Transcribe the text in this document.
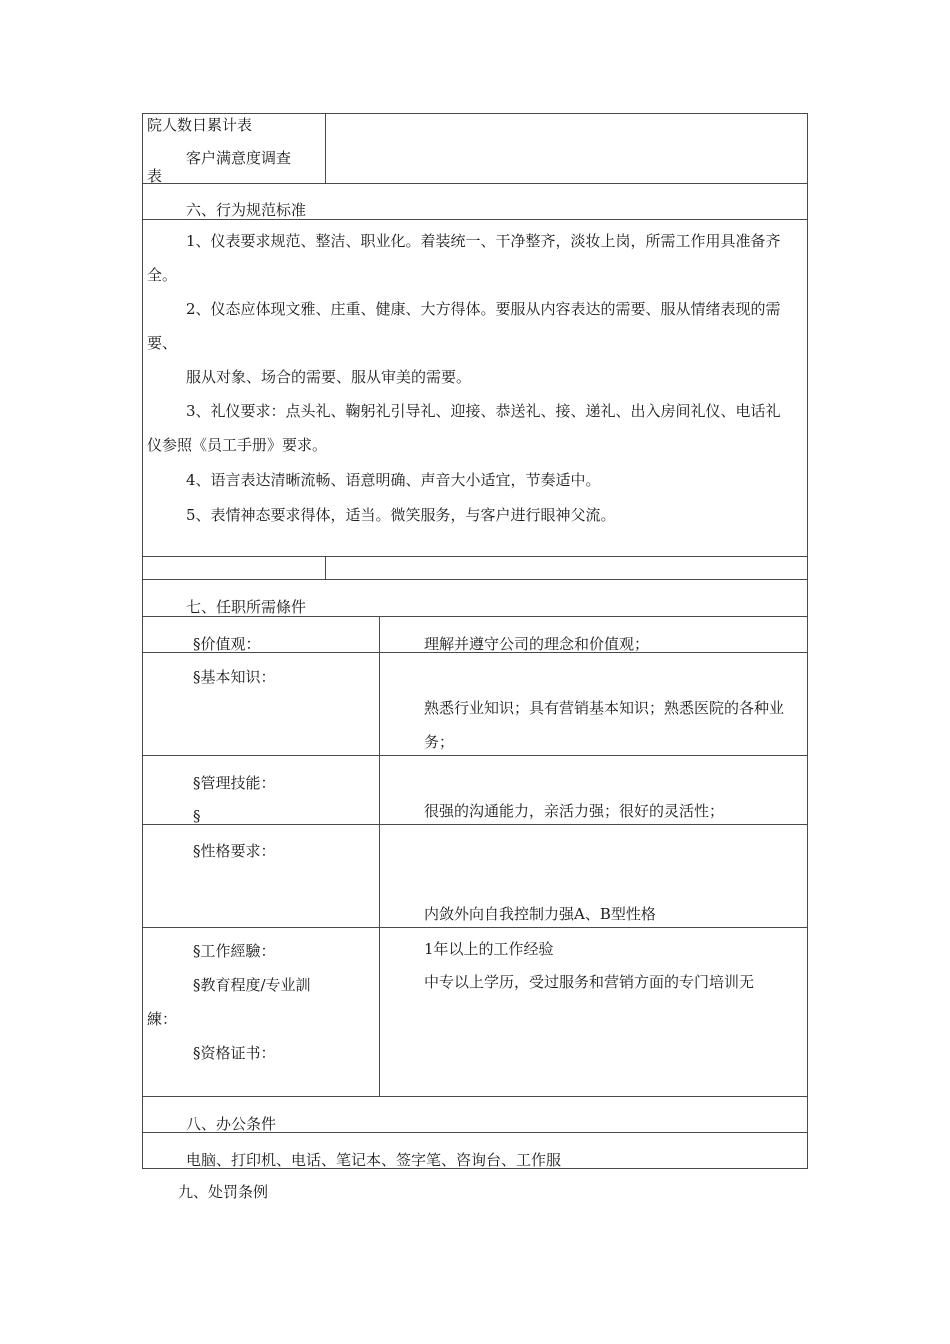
院人数日累计表
客户满意度调查
表
六、行为规范标准
1、仪表要求规范、整洁、职业化。着装统一、干净整齐，淡妆上岗，所需工作用具准备齐全。
2、仪态应体现文雅、庄重、健康、大方得体。要服从内容表达的需要、服从情绪表现的需要、
服从对象、场合的需要、服从审美的需要。
3、礼仪要求：点头礼、鞠躬礼引导礼、迎接、恭送礼、接、递礼、出入房间礼仪、电话礼仪参照《员工手册》要求。
4、语言表达清晰流畅、语意明确、声音大小适宜，节奏适中。
5、表情神态要求得体，适当。微笑服务，与客户进行眼神父流。
七、任职所需條件
§价值观：	理解并遵守公司的理念和价值观；
§基本知识：
熟悉行业知识；具有营销基本知识；熟悉医院的各种业务；
§管理技能：
§	很强的沟通能力，亲活力强；很好的灵活性；
§性格要求：
内敛外向自我控制力强A、B型性格
§工作經驗：
§教育程度/专业訓
練：
§资格证书：
1年以上的工作经验
中专以上学历，受过服务和营销方面的专门培训无
八、办公条件
电脑、打印机、电话、笔记本、签字笔、咨询台、工作服
九、处罚条例
